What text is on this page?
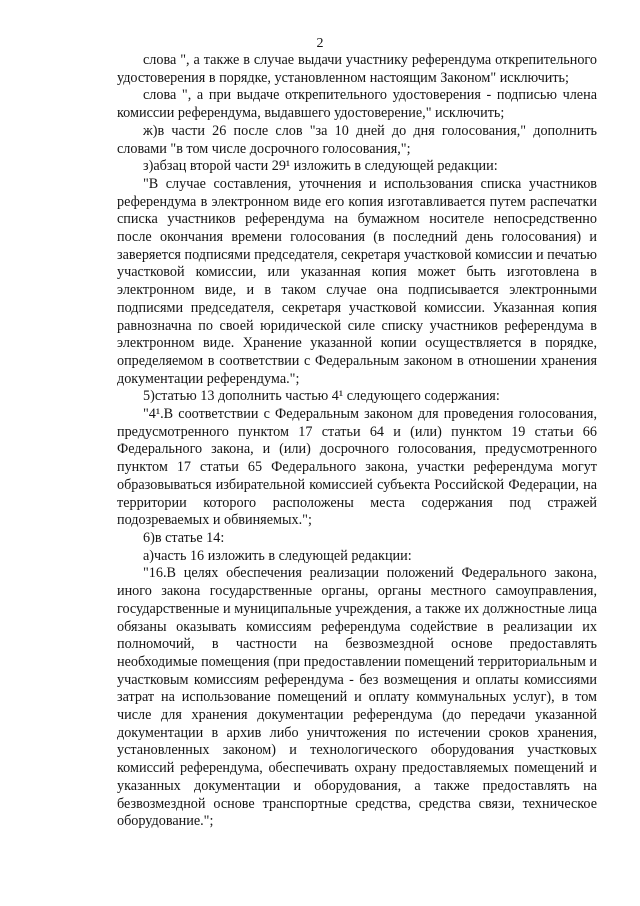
2

слова ", а также в случае выдачи участнику референдума открепительного удостоверения в порядке, установленном настоящим Законом" исключить;

слова ", а при выдаче открепительного удостоверения - подписью члена комиссии референдума, выдавшего удостоверение," исключить;

ж)в части 26 после слов "за 10 дней до дня голосования," дополнить словами "в том числе досрочного голосования,";

з)абзац второй части 29¹ изложить в следующей редакции:

"В случае составления, уточнения и использования списка участников референдума в электронном виде его копия изготавливается путем распечатки списка участников референдума на бумажном носителе непосредственно после окончания времени голосования (в последний день голосования) и заверяется подписями председателя, секретаря участковой комиссии и печатью участковой комиссии, или указанная копия может быть изготовлена в электронном виде, и в таком случае она подписывается электронными подписями председателя, секретаря участковой комиссии. Указанная копия равнозначна по своей юридической силе списку участников референдума в электронном виде. Хранение указанной копии осуществляется в порядке, определяемом в соответствии с Федеральным законом в отношении хранения документации референдума.";

5)статью 13 дополнить частью 4¹ следующего содержания:

"4¹.В соответствии с Федеральным законом для проведения голосования, предусмотренного пунктом 17 статьи 64 и (или) пунктом 19 статьи 66 Федерального закона, и (или) досрочного голосования, предусмотренного пунктом 17 статьи 65 Федерального закона, участки референдума могут образовываться избирательной комиссией субъекта Российской Федерации, на территории которого расположены места содержания под стражей подозреваемых и обвиняемых.";

6)в статье 14:

а)часть 16 изложить в следующей редакции:

"16.В целях обеспечения реализации положений Федерального закона, иного закона государственные органы, органы местного самоуправления, государственные и муниципальные учреждения, а также их должностные лица обязаны оказывать комиссиям референдума содействие в реализации их полномочий, в частности на безвозмездной основе предоставлять необходимые помещения (при предоставлении помещений территориальным и участковым комиссиям референдума - без возмещения и оплаты комиссиями затрат на использование помещений и оплату коммунальных услуг), в том числе для хранения документации референдума (до передачи указанной документации в архив либо уничтожения по истечении сроков хранения, установленных законом) и технологического оборудования участковых комиссий референдума, обеспечивать охрану предоставляемых помещений и указанных документации и оборудования, а также предоставлять на безвозмездной основе транспортные средства, средства связи, техническое оборудование.";
